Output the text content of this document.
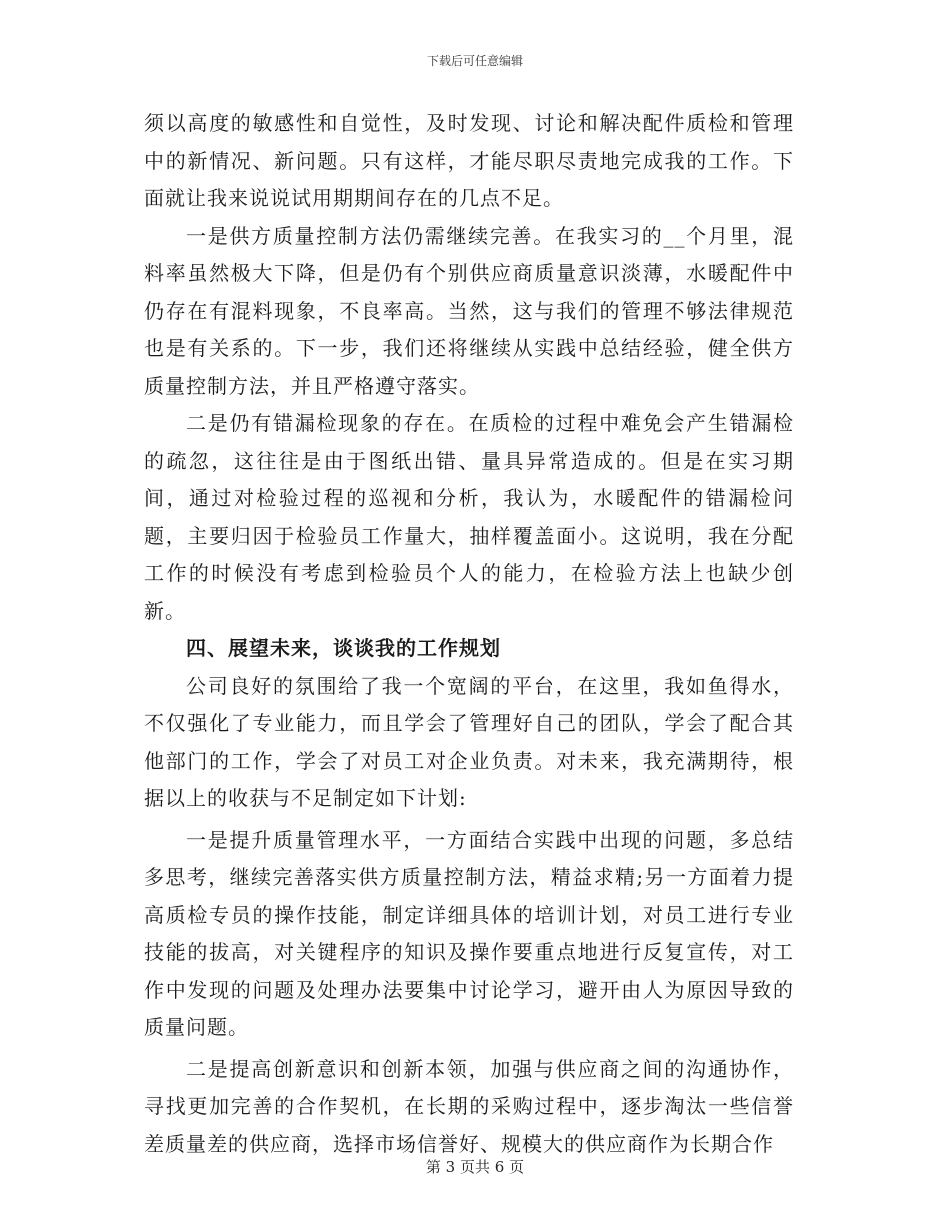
下载后可任意编辑

须以高度的敏感性和自觉性，及时发现、讨论和解决配件质检和管理中的新情况、新问题。只有这样，才能尽职尽责地完成我的工作。下面就让我来说说试用期期间存在的几点不足。

一是供方质量控制方法仍需继续完善。在我实习的__个月里，混料率虽然极大下降，但是仍有个别供应商质量意识淡薄，水暖配件中仍存在有混料现象，不良率高。当然，这与我们的管理不够法律规范也是有关系的。下一步，我们还将继续从实践中总结经验，健全供方质量控制方法，并且严格遵守落实。

二是仍有错漏检现象的存在。在质检的过程中难免会产生错漏检的疏忽，这往往是由于图纸出错、量具异常造成的。但是在实习期间，通过对检验过程的巡视和分析，我认为，水暖配件的错漏检问题，主要归因于检验员工作量大，抽样覆盖面小。这说明，我在分配工作的时候没有考虑到检验员个人的能力，在检验方法上也缺少创新。

四、展望未来，谈谈我的工作规划

公司良好的氛围给了我一个宽阔的平台，在这里，我如鱼得水，不仅强化了专业能力，而且学会了管理好自己的团队，学会了配合其他部门的工作，学会了对员工对企业负责。对未来，我充满期待，根据以上的收获与不足制定如下计划:

一是提升质量管理水平，一方面结合实践中出现的问题，多总结多思考，继续完善落实供方质量控制方法，精益求精;另一方面着力提高质检专员的操作技能，制定详细具体的培训计划，对员工进行专业技能的拔高，对关键程序的知识及操作要重点地进行反复宣传，对工作中发现的问题及处理办法要集中讨论学习，避开由人为原因导致的质量问题。

二是提高创新意识和创新本领，加强与供应商之间的沟通协作，寻找更加完善的合作契机，在长期的采购过程中，逐步淘汰一些信誉差质量差的供应商，选择市场信誉好、规模大的供应商作为长期合作

第 3 页共 6 页
